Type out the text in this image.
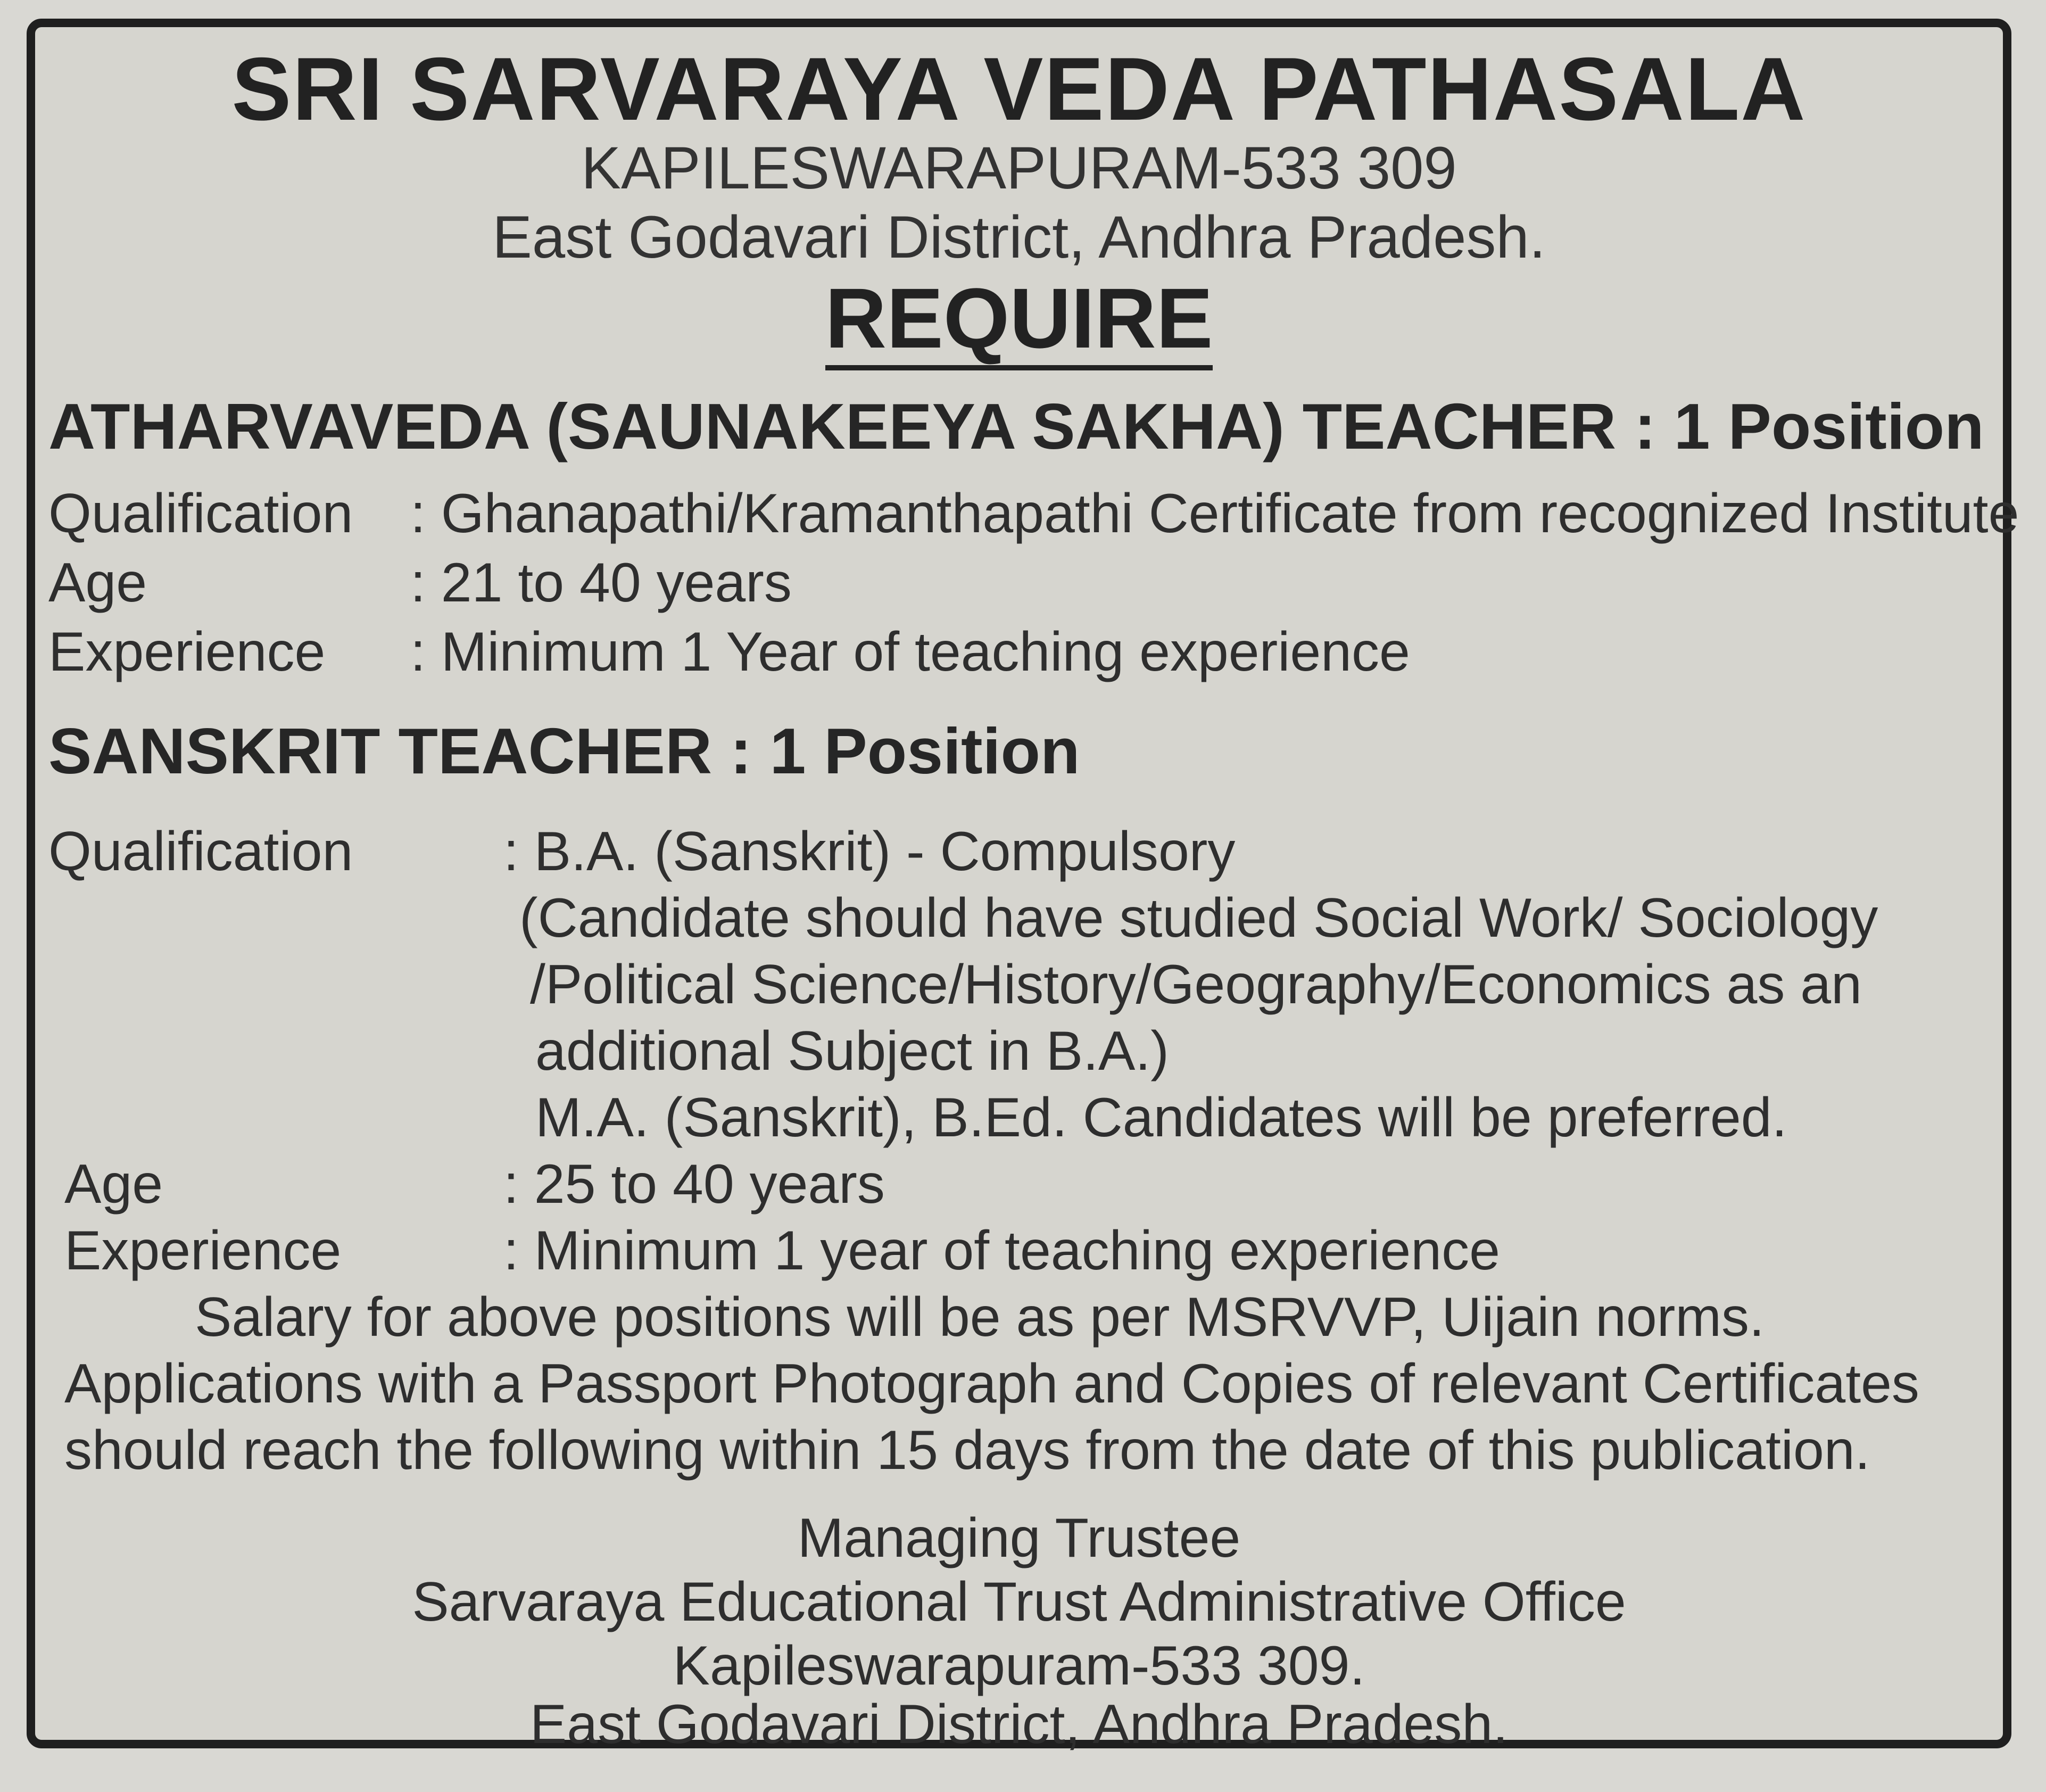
SRI SARVARAYA VEDA PATHASALA
KAPILESWARAPURAM-533 309
East Godavari District, Andhra Pradesh.
REQUIRE
ATHARVAVEDA (SAUNAKEEYA SAKHA) TEACHER : 1 Position
Qualification : Ghanapathi/Kramanthapathi Certificate from recognized Institute
Age	: 21 to 40 years
Experience : Minimum 1 Year of teaching experience
SANSKRIT TEACHER : 1 Position
Qualification	: B.A. (Sanskrit) - Compulsory
(Candidate should have studied Social Work/ Sociology
/Political Science/History/Geography/Economics as an
additional Subject in B.A.)
M.A. (Sanskrit), B.Ed. Candidates will be preferred.
Age	: 25 to 40 years
Experience	: Minimum 1 year of teaching experience
Salary for above positions will be as per MSRVVP, Uijain norms.
Applications with a Passport Photograph and Copies of relevant Certificates
should reach the following within 15 days from the date of this publication.
Managing Trustee
Sarvaraya Educational Trust Administrative Office
Kapileswarapuram-533 309.
East Godavari District, Andhra Pradesh.
